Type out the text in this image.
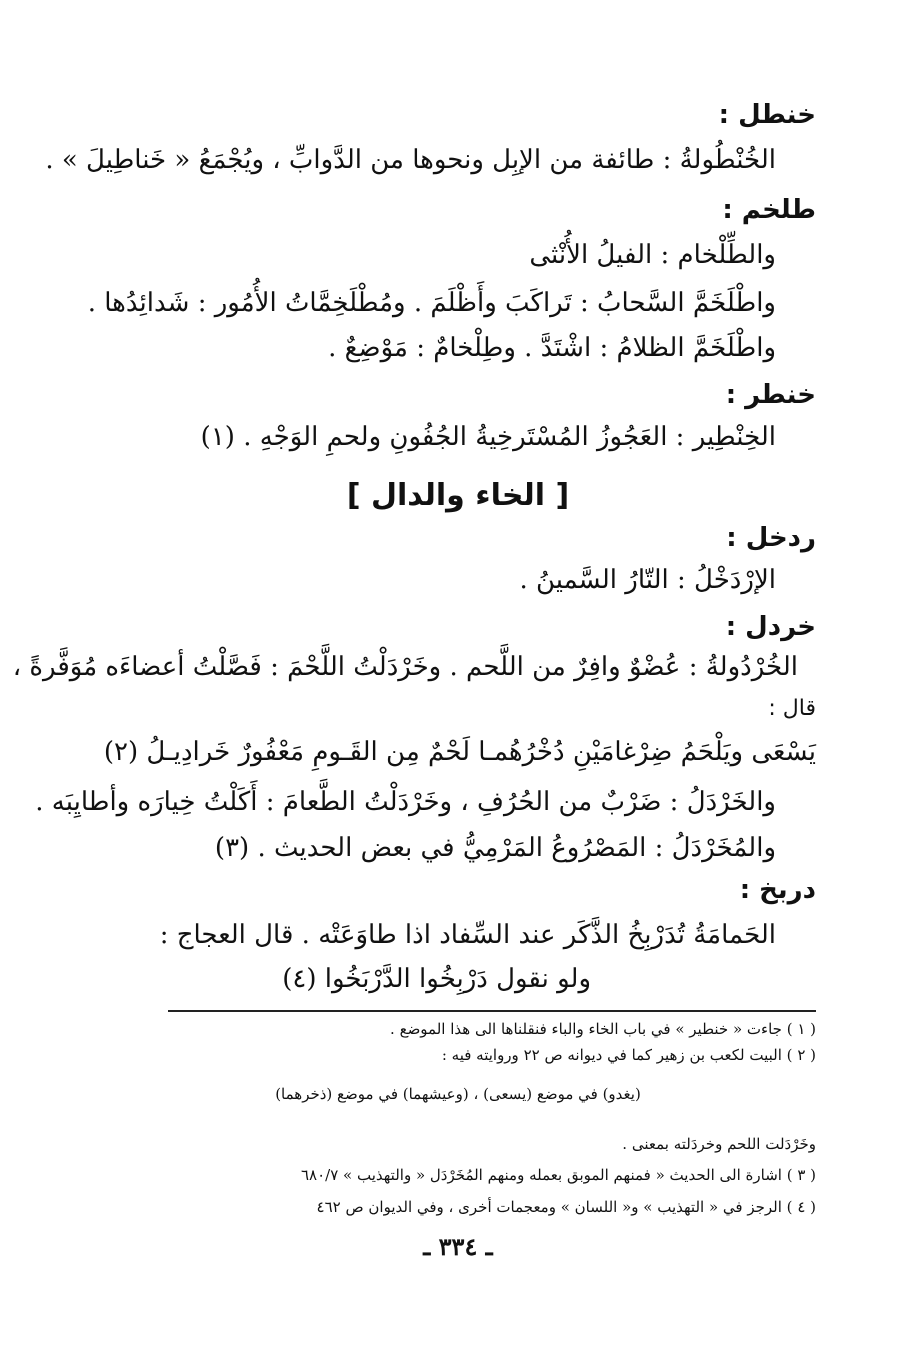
خنطل :
الخُنْطُولةُ : طائفة من الإبِل ونحوها من الدَّوابِّ ، ويُجْمَعُ « خَناطِيلَ » .
طلخم :
والطِّلْخام : الفيلُ الأُنْثى
واطْلَخَمَّ السَّحابُ : تَراكَبَ وأَظْلَمَ . ومُطْلَخِمَّاتُ الأُمُور : شَدائِدُها .
واطْلَخَمَّ الظلامُ : اشْتَدَّ . وطِلْخامٌ : مَوْضِعٌ .
خنطر :
الخِنْطِير : العَجُوزُ المُسْتَرخِيةُ الجُفُونِ ولحمِ الوَجْهِ . (١)
[ الخاء والدال ]
ردخل :
الإرْدَخْلُ : التّارُ السَّمينُ .
خردل :
الخُرْدُولةُ : عُضْوٌ وافِرٌ من اللَّحم . وخَرْدَلْتُ اللَّحْمَ : فَصَّلْتُ أعضاءَه مُوَفَّرةً ،
قال :
يَسْعَى ويَلْحَمُ ضِرْغامَيْنِ دُخْرُهُمـا لَحْمٌ مِن القَـومِ مَعْفُورٌ خَرادِيـلُ (٢)
والخَرْدَلُ : ضَرْبٌ من الحُرُفِ ، وخَرْدَلْتُ الطَّعامَ : أَكَلْتُ خِيارَه وأطايِبَه .
والمُخَرْدَلُ : المَصْرُوعُ المَرْمِيُّ في بعض الحديث . (٣)
دربخ :
الحَمامَةُ تُدَرْبِخُ الذَّكَر عند السِّفاد اذا طاوَعَتْه . قال العجاج :
ولو نقول دَرْبِخُوا الدَّرْبَخُوا (٤)
( ١ ) جاءت « خنطير » في باب الخاء والباء فنقلناها الى هذا الموضع .
( ٢ ) البيت لكعب بن زهير كما في ديوانه ص ٢٢ وروايته فيه :
(يغدو) في موضع (يسعى) ، (وعيشهما) في موضع (ذخرهما)
وخَرْدَلت اللحم وخردَلته بمعنى .
( ٣ ) اشارة الى الحديث « فمنهم الموبق بعمله ومنهم المُخَرْدَل « والتهذيب » ٦٨٠/٧
( ٤ ) الرجز في « التهذيب » و« اللسان » ومعجمات أخرى ، وفي الديوان ص ٤٦٢
ـ ٣٣٤ ـ
